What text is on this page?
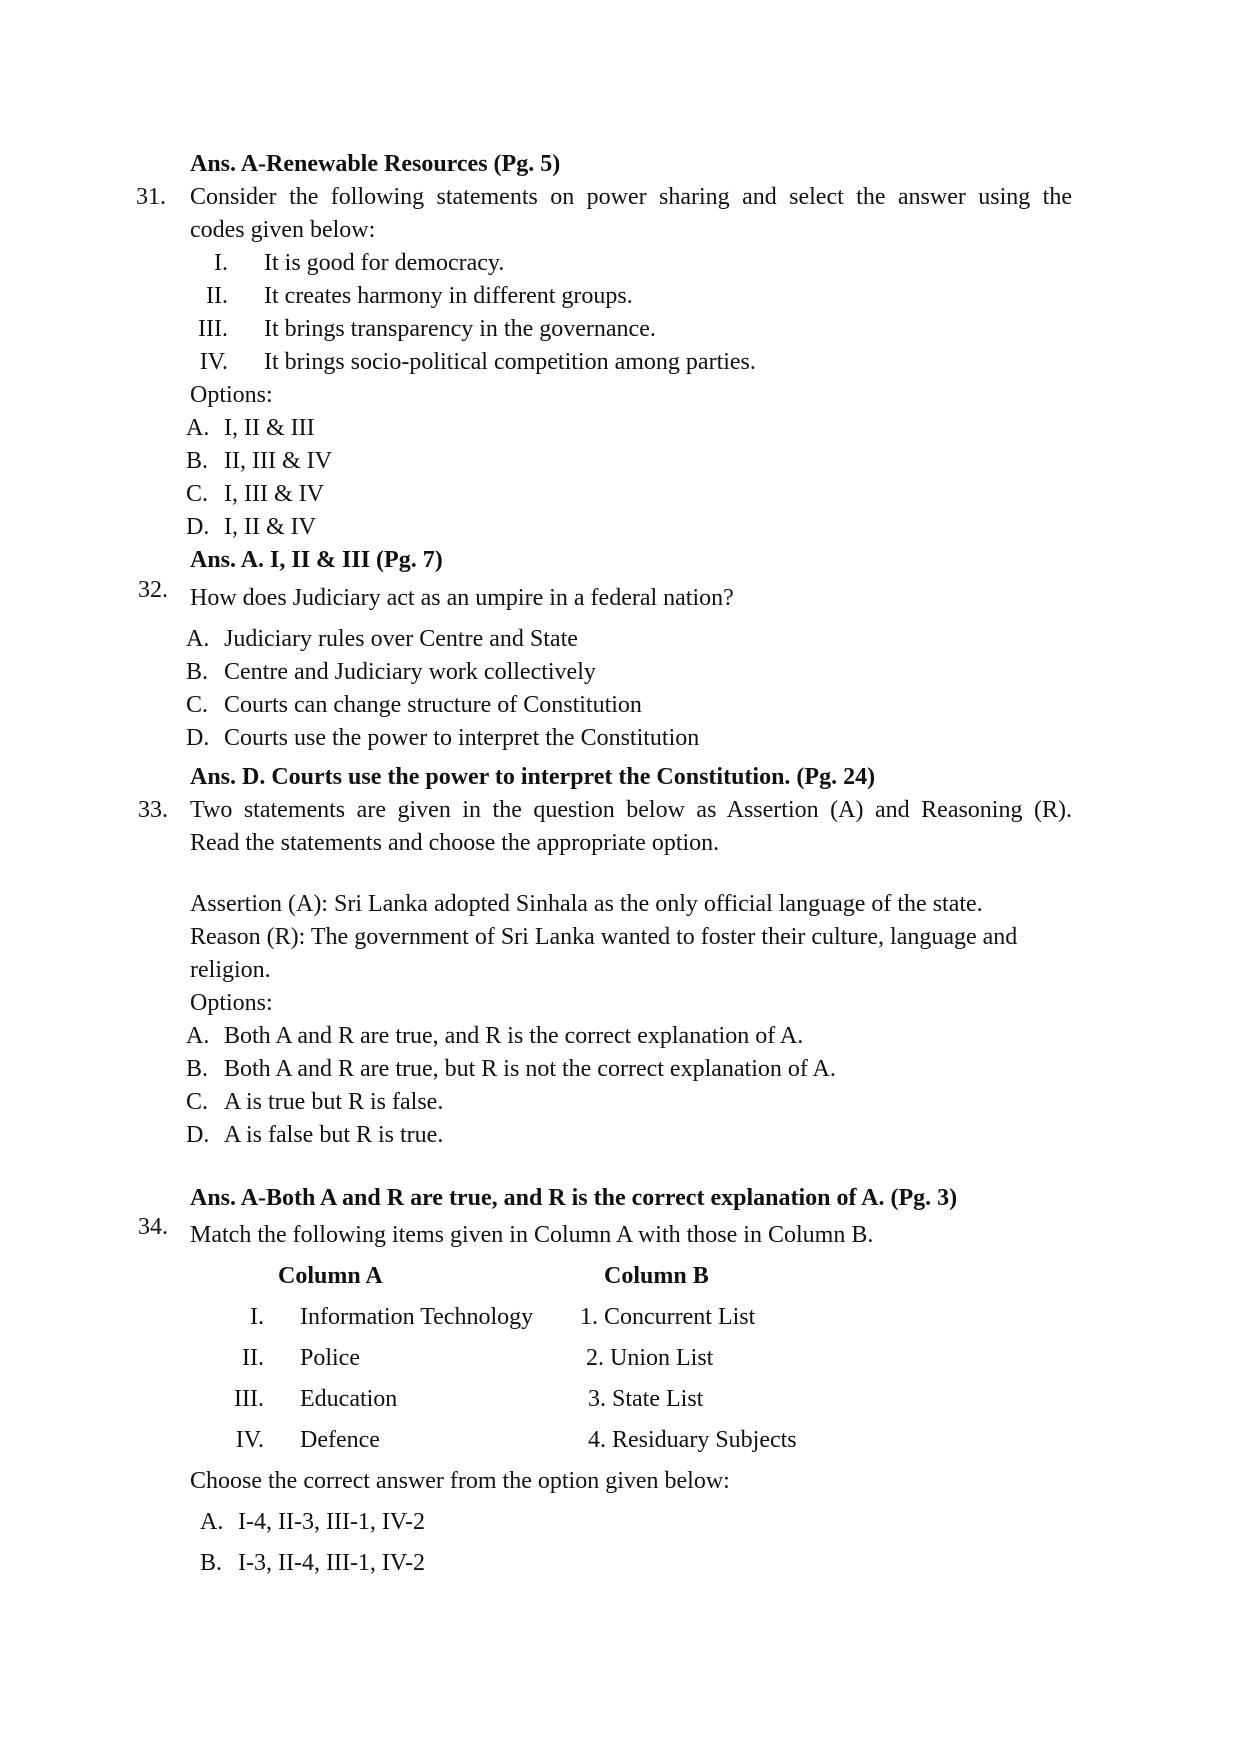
Ans. A-Renewable Resources (Pg. 5)
31. Consider the following statements on power sharing and select the answer using the
codes given below:
I. It is good for democracy.
II. It creates harmony in different groups.
III. It brings transparency in the governance.
IV. It brings socio-political competition among parties.
Options:
A. I, II & III
B. II, III & IV
C. I, III & IV
D. I, II & IV
Ans. A. I, II & III (Pg. 7)
32. How does Judiciary act as an umpire in a federal nation?
A. Judiciary rules over Centre and State
B. Centre and Judiciary work collectively
C. Courts can change structure of Constitution
D. Courts use the power to interpret the Constitution
Ans. D. Courts use the power to interpret the Constitution. (Pg. 24)
33. Two statements are given in the question below as Assertion (A) and Reasoning (R).
Read the statements and choose the appropriate option.
Assertion (A): Sri Lanka adopted Sinhala as the only official language of the state.
Reason (R): The government of Sri Lanka wanted to foster their culture, language and
religion.
Options:
A. Both A and R are true, and R is the correct explanation of A.
B. Both A and R are true, but R is not the correct explanation of A.
C. A is true but R is false.
D. A is false but R is true.
Ans. A-Both A and R are true, and R is the correct explanation of A. (Pg. 3)
34. Match the following items given in Column A with those in Column B.
Column A	Column B
I. Information Technology 1. Concurrent List
II. Police	2. Union List
III. Education	3. State List
IV. Defence	4. Residuary Subjects
Choose the correct answer from the option given below:
A. I-4, II-3, III-1, IV-2
B. I-3, II-4, III-1, IV-2
